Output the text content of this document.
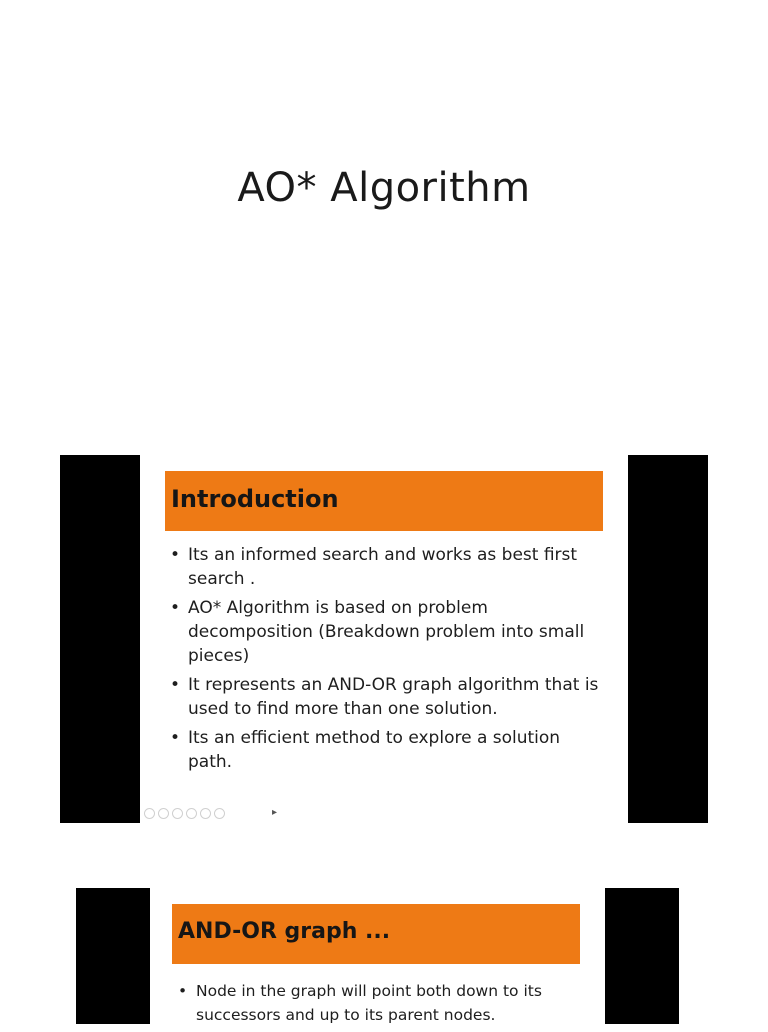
AO* Algorithm
Introduction
• Its an informed search and works as best first search .
• AO* Algorithm is based on problem decomposition (Breakdown problem into small pieces)
• It represents an AND-OR graph algorithm that is used to find more than one solution.
• Its an efficient method to explore a solution path.
▸
AND-OR graph ...
• Node in the graph will point both down to its successors and up to its parent nodes.
